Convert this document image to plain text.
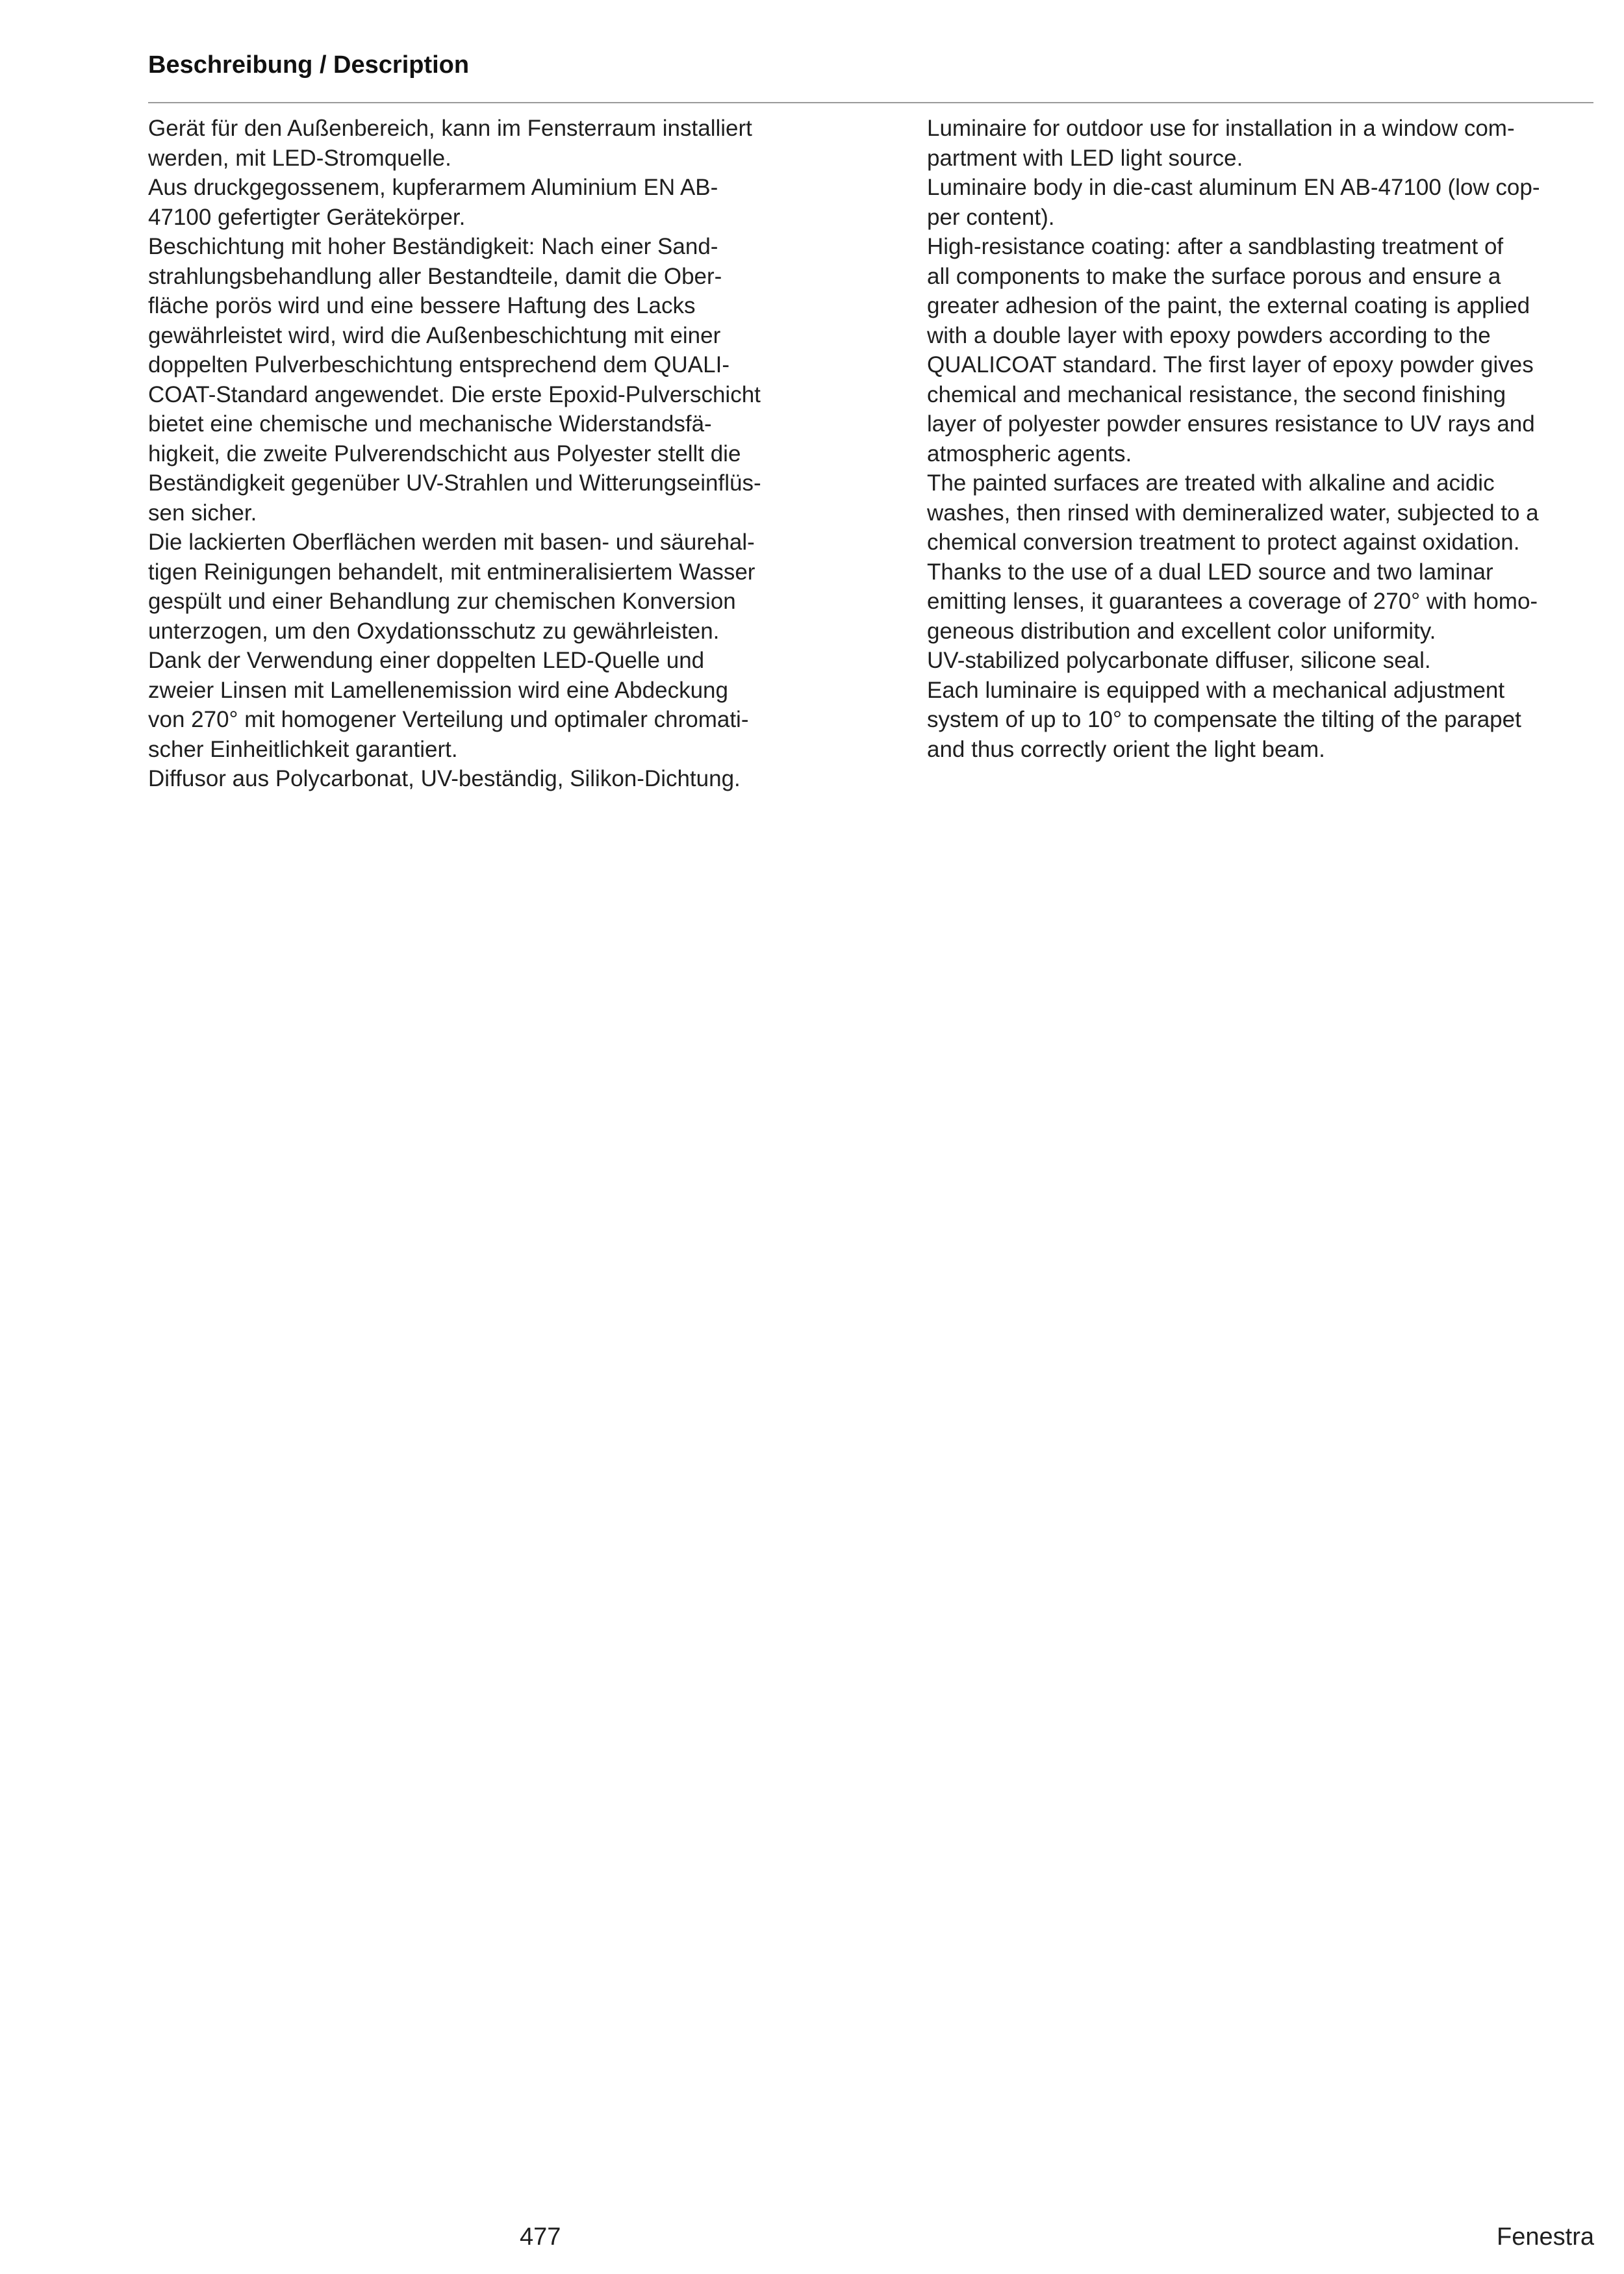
Beschreibung / Description
Gerät für den Außenbereich, kann im Fensterraum installiert
werden, mit LED-Stromquelle.
Aus druckgegossenem, kupferarmem Aluminium EN AB-
47100 gefertigter Gerätekörper.
Beschichtung mit hoher Beständigkeit: Nach einer Sand-
strahlungsbehandlung aller Bestandteile, damit die Ober-
fläche porös wird und eine bessere Haftung des Lacks
gewährleistet wird, wird die Außenbeschichtung mit einer
doppelten Pulverbeschichtung entsprechend dem QUALI-
COAT-Standard angewendet. Die erste Epoxid-Pulverschicht
bietet eine chemische und mechanische Widerstandsfä-
higkeit, die zweite Pulverendschicht aus Polyester stellt die
Beständigkeit gegenüber UV-Strahlen und Witterungseinflüs-
sen sicher.
Die lackierten Oberflächen werden mit basen- und säurehal-
tigen Reinigungen behandelt, mit entmineralisiertem Wasser
gespült und einer Behandlung zur chemischen Konversion
unterzogen, um den Oxydationsschutz zu gewährleisten.
Dank der Verwendung einer doppelten LED-Quelle und
zweier Linsen mit Lamellenemission wird eine Abdeckung
von 270° mit homogener Verteilung und optimaler chromati-
scher Einheitlichkeit garantiert.
Diffusor aus Polycarbonat, UV-beständig, Silikon-Dichtung.
Luminaire for outdoor use for installation in a window com-
partment with LED light source.
Luminaire body in die-cast aluminum EN AB-47100 (low cop-
per content).
High-resistance coating: after a sandblasting treatment of
all components to make the surface porous and ensure a
greater adhesion of the paint, the external coating is applied
with a double layer with epoxy powders according to the
QUALICOAT standard. The first layer of epoxy powder gives
chemical and mechanical resistance, the second finishing
layer of polyester powder ensures resistance to UV rays and
atmospheric agents.
The painted surfaces are treated with alkaline and acidic
washes, then rinsed with demineralized water, subjected to a
chemical conversion treatment to protect against oxidation.
Thanks to the use of a dual LED source and two laminar
emitting lenses, it guarantees a coverage of 270° with homo-
geneous distribution and excellent color uniformity.
UV-stabilized polycarbonate diffuser, silicone seal.
Each luminaire is equipped with a mechanical adjustment
system of up to 10° to compensate the tilting of the parapet
and thus correctly orient the light beam.
477	Fenestra
